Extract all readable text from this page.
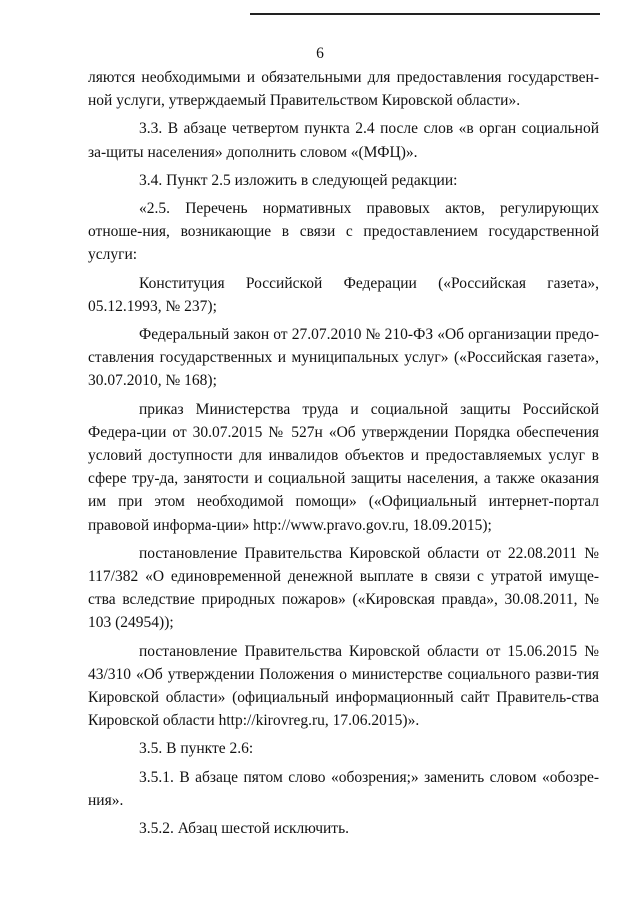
6

ляются необходимыми и обязательными для предоставления государствен-ной услуги, утверждаемый Правительством Кировской области».

3.3. В абзаце четвертом пункта 2.4 после слов «в орган социальной за-щиты населения» дополнить словом «(МФЦ)».

3.4. Пункт 2.5 изложить в следующей редакции:

«2.5. Перечень нормативных правовых актов, регулирующих отноше-ния, возникающие в связи с предоставлением государственной услуги:

Конституция Российской Федерации («Российская газета», 05.12.1993, № 237);

Федеральный закон от 27.07.2010 № 210-ФЗ «Об организации предо-ставления государственных и муниципальных услуг» («Российская газета», 30.07.2010, № 168);

приказ Министерства труда и социальной защиты Российской Федера-ции от 30.07.2015 № 527н «Об утверждении Порядка обеспечения условий доступности для инвалидов объектов и предоставляемых услуг в сфере тру-да, занятости и социальной защиты населения, а также оказания им при этом необходимой помощи» («Официальный интернет-портал правовой информа-ции» http://www.pravo.gov.ru, 18.09.2015);

постановление Правительства Кировской области от 22.08.2011 № 117/382 «О единовременной денежной выплате в связи с утратой имуще-ства вследствие природных пожаров» («Кировская правда», 30.08.2011, № 103 (24954));

постановление Правительства Кировской области от 15.06.2015 № 43/310 «Об утверждении Положения о министерстве социального разви-тия Кировской области» (официальный информационный сайт Правитель-ства Кировской области http://kirovreg.ru, 17.06.2015)».

3.5. В пункте 2.6:

3.5.1. В абзаце пятом слово «обозрения;» заменить словом «обозре-ния».

3.5.2. Абзац шестой исключить.
